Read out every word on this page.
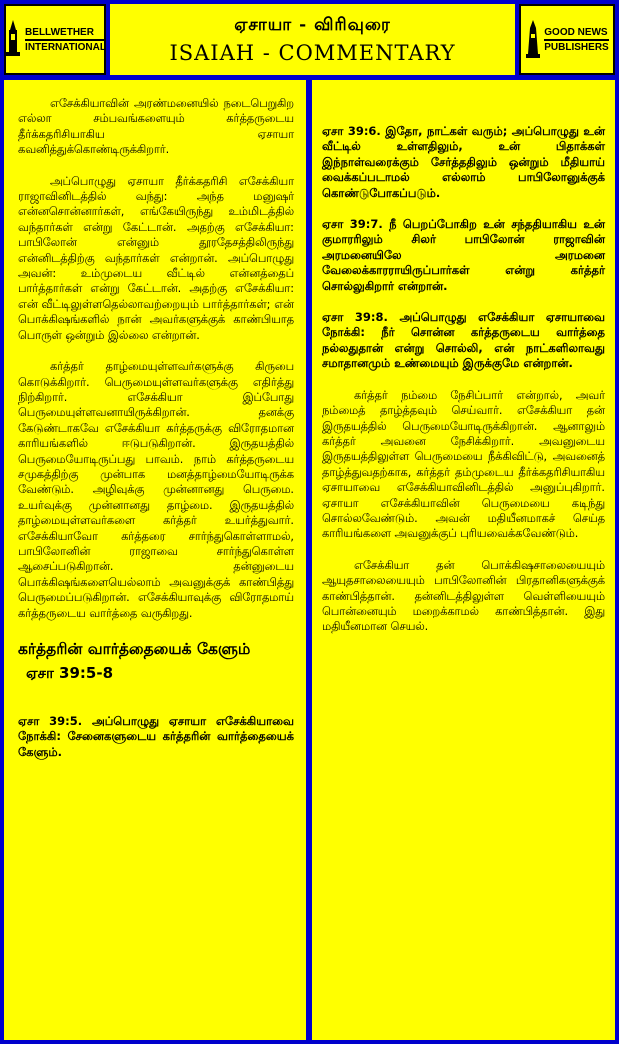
BELLWETHER
INTERNATIONAL
ஏசாயா - விரிவுரை
ISAIAH - COMMENTARY
GOOD NEWS
PUBLISHERS

எசேக்கியாவின் அரண்மனையில் நடைபெறுகிற எல்லா சம்பவங்களையும் கர்த்தருடைய தீர்க்கதரிசியாகிய ஏசாயா கவனித்துக்கொண்டிருக்கிறார்.

அப்பொழுது ஏசாயா தீர்க்கதரிசி எசேக்கியா ராஜாவினிடத்தில் வந்து: அந்த மனுஷர் என்னசொன்னார்கள், எங்கேயிருந்து உம்மிடத்தில் வந்தார்கள் என்று கேட்டான். அதற்கு எசேக்கியா: பாபிலோன் என்னும் தூரதேசத்திலிருந்து என்னிடத்திற்கு வந்தார்கள் என்றான். அப்பொழுது அவன்: உம்முடைய வீட்டில் என்னத்தைப் பார்த்தார்கள் என்று கேட்டான். அதற்கு எசேக்கியா: என் வீட்டிலுள்ளதெல்லாவற்றையும் பார்த்தார்கள்; என் பொக்கிஷங்களில் நான் அவர்களுக்குக் காண்பியாத பொருள் ஒன்றும் இல்லை என்றான்.

கர்த்தர் தாழ்மையுள்ளவர்களுக்கு கிருபை கொடுக்கிறார். பெருமையுள்ளவர்களுக்கு எதிர்த்து நிற்கிறார். எசேக்கியா இப்போது பெருமையுள்ளவனாயிருக்கிறான். தனக்கு கேடுண்டாகவே எசேக்கியா கர்த்தருக்கு விரோதமான காரியங்களில் ஈடுபடுகிறான். இருதயத்தில் பெருமையோடிருப்பது பாவம். நாம் கர்த்தருடைய சமுகத்திற்கு முன்பாக மனத்தாழ்மையோடிருக்க வேண்டும். அழிவுக்கு முன்னானது பெருமை. உயர்வுக்கு முன்னானது தாழ்மை. இருதயத்தில் தாழ்மையுள்ளவர்களை கர்த்தர் உயர்த்துவார். எசேக்கியாவோ கர்த்தரை சார்ந்துகொள்ளாமல், பாபிலோனின் ராஜாவை சார்ந்துகொள்ள ஆசைப்படுகிறான். தன்னுடைய பொக்கிஷங்களையெல்லாம் அவனுக்குக் காண்பித்து பெருமைப்படுகிறான். எசேக்கியாவுக்கு விரோதமாய் கர்த்தருடைய வார்த்தை வருகிறது.

கர்த்தரின் வார்த்தையைக் கேளும்
ஏசா 39:5-8

ஏசா 39:5. அப்பொழுது ஏசாயா எசேக்கியாவை நோக்கி: சேனைகளுடைய கர்த்தரின் வார்த்தையைக் கேளும்.

ஏசா 39:6. இதோ, நாட்கள் வரும்; அப்பொழுது உன் வீட்டில் உள்ளதிலும், உன் பிதாக்கள் இந்நாள்வரைக்கும் சேர்த்ததிலும் ஒன்றும் மீதியாய் வைக்கப்படாமல் எல்லாம் பாபிலோனுக்குக் கொண்டுபோகப்படும்.

ஏசா 39:7. நீ பெறப்போகிற உன் சந்ததியாகிய உன் குமாரரிலும் சிலர் பாபிலோன் ராஜாவின் அரமனையிலே அரமனை வேலைக்காரராயிருப்பார்கள் என்று கர்த்தர் சொல்லுகிறார் என்றான்.

ஏசா 39:8. அப்பொழுது எசேக்கியா ஏசாயாவை நோக்கி: நீர் சொன்ன கர்த்தருடைய வார்த்தை நல்லதுதான் என்று சொல்லி, என் நாட்களிலாவது சமாதானமும் உண்மையும் இருக்குமே என்றான்.

கர்த்தர் நம்மை நேசிப்பார் என்றால், அவர் நம்மைத் தாழ்த்தவும் செய்வார். எசேக்கியா தன் இருதயத்தில் பெருமையோடிருக்கிறான். ஆனாலும் கர்த்தர் அவனை நேசிக்கிறார். அவனுடைய இருதயத்திலுள்ள பெருமையை நீக்கிவிட்டு, அவனைத் தாழ்த்துவதற்காக, கர்த்தர் தம்முடைய தீர்க்கதரிசியாகிய ஏசாயாவை எசேக்கியாவினிடத்தில் அனுப்புகிறார். ஏசாயா எசேக்கியாவின் பெருமையை கடிந்து சொல்லவேண்டும். அவன் மதியீனமாகச் செய்த காரியங்களை அவனுக்குப் புரியவைக்கவேண்டும்.

எசேக்கியா தன் பொக்கிஷசாலையையும் ஆயுதசாலையையும் பாபிலோனின் பிரதானிகளுக்குக் காண்பித்தான். தன்னிடத்திலுள்ள வெள்ளியையும் பொன்னையும் மறைக்காமல் காண்பித்தான். இது மதியீனமான செயல்.
